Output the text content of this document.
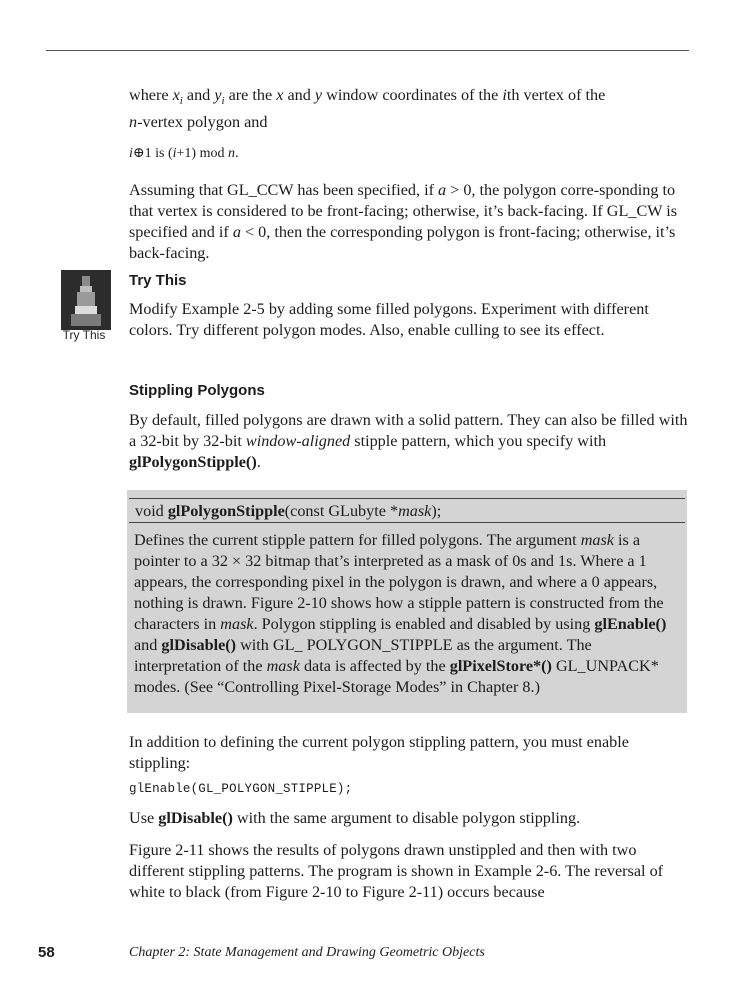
where $x_i$ and $y_i$ are the x and y window coordinates of the ith vertex of the
n-vertex polygon and

i⊕1 is (i+1) mod n.

Assuming that GL_CCW has been specified, if a > 0, the polygon corre-sponding to that vertex is considered to be front-facing; otherwise, it’s back-facing. If GL_CW is specified and if a < 0, then the corresponding polygon is front-facing; otherwise, it’s back-facing.

Try This

Try This

Modify Example 2-5 by adding some filled polygons. Experiment with different colors. Try different polygon modes. Also, enable culling to see its effect.

Stippling Polygons

By default, filled polygons are drawn with a solid pattern. They can also be filled with a 32-bit by 32-bit window-aligned stipple pattern, which you specify with glPolygonStipple().

void glPolygonStipple(const GLubyte *mask);

Defines the current stipple pattern for filled polygons. The argument mask is a pointer to a 32 × 32 bitmap that’s interpreted as a mask of 0s and 1s. Where a 1 appears, the corresponding pixel in the polygon is drawn, and where a 0 appears, nothing is drawn. Figure 2-10 shows how a stipple pattern is constructed from the characters in mask. Polygon stippling is enabled and disabled by using glEnable() and glDisable() with GL_ POLYGON_STIPPLE as the argument. The interpretation of the mask data is affected by the glPixelStore*() GL_UNPACK* modes. (See “Controlling Pixel-Storage Modes” in Chapter 8.)

In addition to defining the current polygon stippling pattern, you must enable stippling:

glEnable(GL_POLYGON_STIPPLE);

Use glDisable() with the same argument to disable polygon stippling.

Figure 2-11 shows the results of polygons drawn unstippled and then with two different stippling patterns. The program is shown in Example 2-6. The reversal of white to black (from Figure 2-10 to Figure 2-11) occurs because

58	Chapter 2: State Management and Drawing Geometric Objects
